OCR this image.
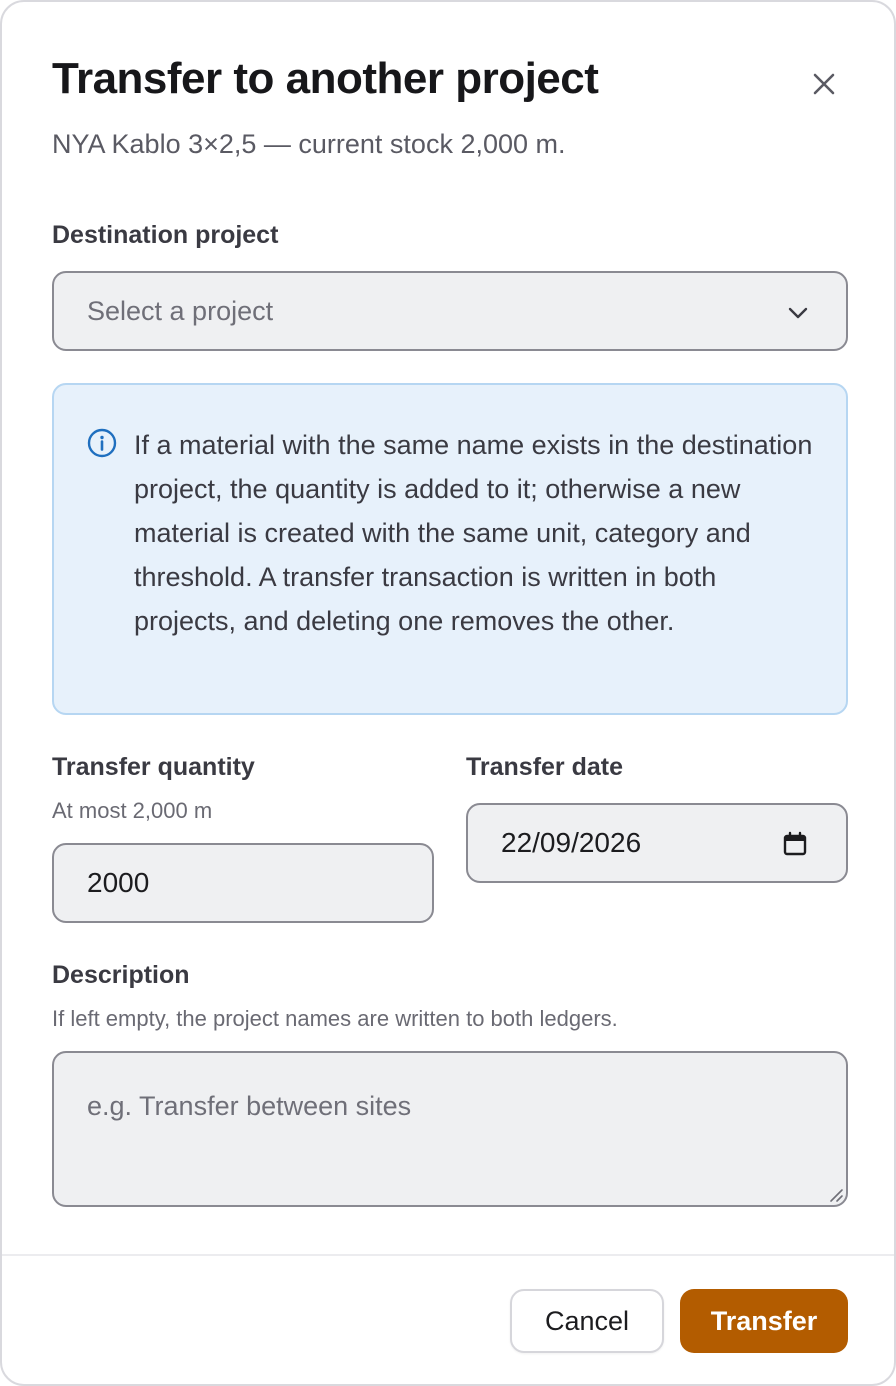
Transfer to another project

NYA Kablo 3×2,5 — current stock 2,000 m.

Destination project
Select a project

If a material with the same name exists in the destination project, the quantity is added to it; otherwise a new material is created with the same unit, category and threshold. A transfer transaction is written in both projects, and deleting one removes the other.

Transfer quantity
At most 2,000 m
2000
Transfer date
22/09/2026
Description
If left empty, the project names are written to both ledgers.
e.g. Transfer between sites
Cancel	Transfer
